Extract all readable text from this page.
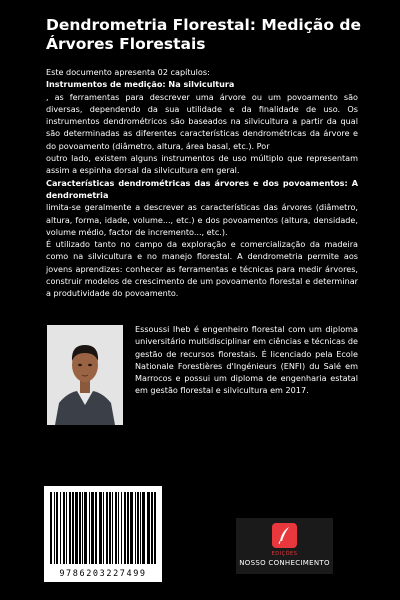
Dendrometria Florestal: Medição de Árvores Florestais

Este documento apresenta 02 capítulos:

Instrumentos de medição: Na silvicultura

, as ferramentas para descrever uma árvore ou um povoamento são diversas, dependendo da sua utilidade e da finalidade de uso. Os instrumentos dendrométricos são baseados na silvicultura a partir da qual são determinadas as diferentes características dendrométricas da árvore e do povoamento (diâmetro, altura, área basal, etc.). Por

outro lado, existem alguns instrumentos de uso múltiplo que representam assim a espinha dorsal da silvicultura em geral.

Características dendrométricas das árvores e dos povoamentos: A dendrometria

limita-se geralmente a descrever as características das árvores (diâmetro, altura, forma, idade, volume..., etc.) e dos povoamentos (altura, densidade, volume médio, factor de incremento..., etc.).

É utilizado tanto no campo da exploração e comercialização da madeira como na silvicultura e no manejo florestal. A dendrometria permite aos jovens aprendizes: conhecer as ferramentas e técnicas para medir árvores, construir modelos de crescimento de um povoamento florestal e determinar a produtividade do povoamento.

Essoussi Iheb é engenheiro florestal com um diploma universitário multidisciplinar em ciências e técnicas de gestão de recursos florestais. É licenciado pela Ecole Nationale Forestières d'Ingénieurs (ENFI) du Salé em Marrocos e possui um diploma de engenharia estatal em gestão florestal e silvicultura em 2017.

9786203227499
EDIÇÕES
NOSSO CONHECIMENTO
